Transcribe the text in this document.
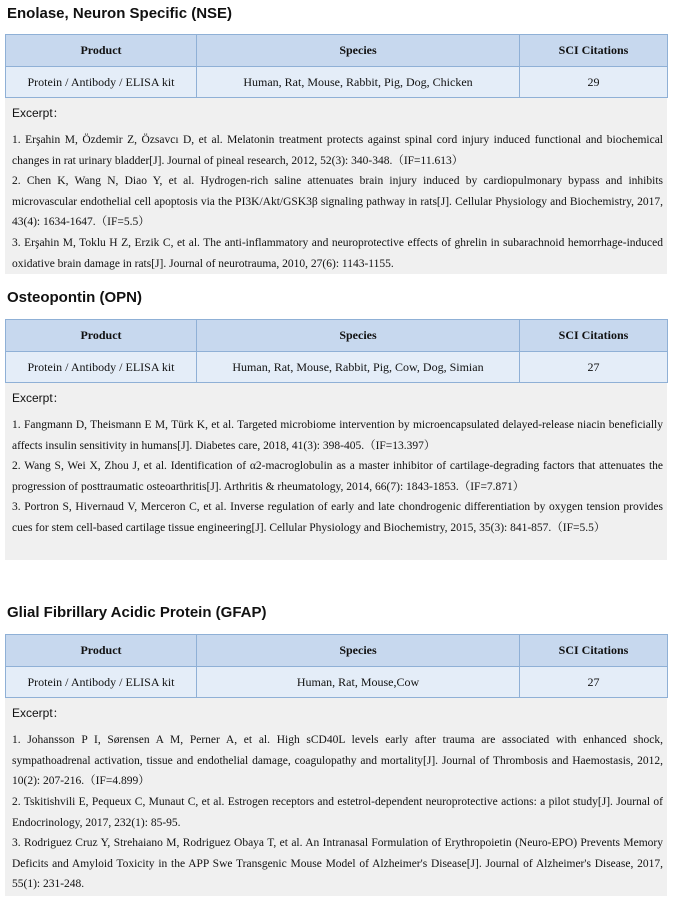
Enolase, Neuron Specific (NSE)
Product	Species	SCI Citations
Protein / Antibody / ELISA kit	Human, Rat, Mouse, Rabbit, Pig, Dog, Chicken	29
Excerpt：

1. Erşahin M, Özdemir Z, Özsavcı D, et al. Melatonin treatment protects against spinal cord injury induced functional and biochemical changes in rat urinary bladder[J]. Journal of pineal research, 2012, 52(3): 340-348.（IF=11.613）

2. Chen K, Wang N, Diao Y, et al. Hydrogen-rich saline attenuates brain injury induced by cardiopulmonary bypass and inhibits microvascular endothelial cell apoptosis via the PI3K/Akt/GSK3β signaling pathway in rats[J]. Cellular Physiology and Biochemistry, 2017, 43(4): 1634-1647.（IF=5.5）

3. Erşahin M, Toklu H Z, Erzik C, et al. The anti-inflammatory and neuroprotective effects of ghrelin in subarachnoid hemorrhage-induced oxidative brain damage in rats[J]. Journal of neurotrauma, 2010, 27(6): 1143-1155.

Osteopontin (OPN)
Product	Species	SCI Citations
Protein / Antibody / ELISA kit	Human, Rat, Mouse, Rabbit, Pig, Cow, Dog, Simian	27
Excerpt：

1. Fangmann D, Theismann E M, Türk K, et al. Targeted microbiome intervention by microencapsulated delayed-release niacin beneficially affects insulin sensitivity in humans[J]. Diabetes care, 2018, 41(3): 398-405.（IF=13.397）

2. Wang S, Wei X, Zhou J, et al. Identification of α2-macroglobulin as a master inhibitor of cartilage-degrading factors that attenuates the progression of posttraumatic osteoarthritis[J]. Arthritis & rheumatology, 2014, 66(7): 1843-1853.（IF=7.871）

3. Portron S, Hivernaud V, Merceron C, et al. Inverse regulation of early and late chondrogenic differentiation by oxygen tension provides cues for stem cell-based cartilage tissue engineering[J]. Cellular Physiology and Biochemistry, 2015, 35(3): 841-857.（IF=5.5）

Glial Fibrillary Acidic Protein (GFAP)
Product	Species	SCI Citations
Protein / Antibody / ELISA kit	Human, Rat, Mouse,Cow	27
Excerpt：

1. Johansson P I, Sørensen A M, Perner A, et al. High sCD40L levels early after trauma are associated with enhanced shock, sympathoadrenal activation, tissue and endothelial damage, coagulopathy and mortality[J]. Journal of Thrombosis and Haemostasis, 2012, 10(2): 207-216.（IF=4.899）

2. Tskitishvili E, Pequeux C, Munaut C, et al. Estrogen receptors and estetrol-dependent neuroprotective actions: a pilot study[J]. Journal of Endocrinology, 2017, 232(1): 85-95.

3. Rodriguez Cruz Y, Strehaiano M, Rodriguez Obaya T, et al. An Intranasal Formulation of Erythropoietin (Neuro-EPO) Prevents Memory Deficits and Amyloid Toxicity in the APP Swe Transgenic Mouse Model of Alzheimer's Disease[J]. Journal of Alzheimer's Disease, 2017, 55(1): 231-248.
